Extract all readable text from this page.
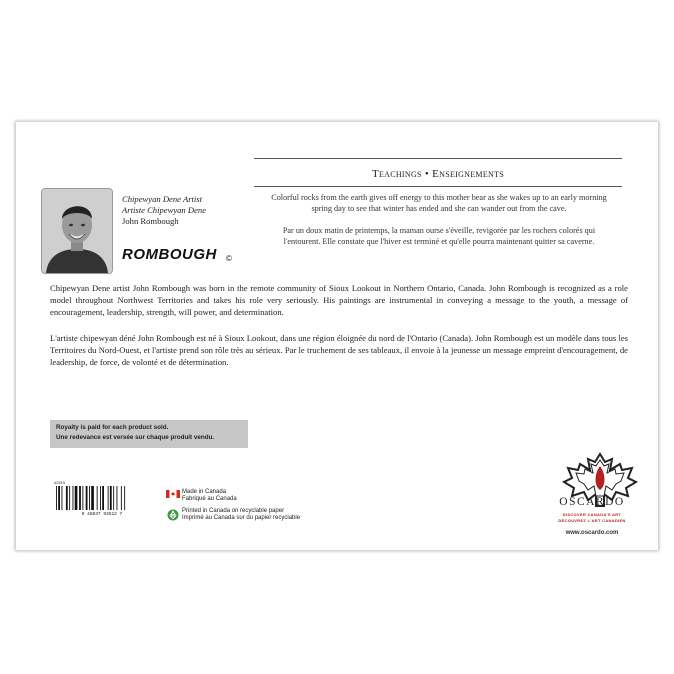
Teachings • Enseignements

Colorful rocks from the earth gives off energy to this mother bear as she wakes up to an early morning spring day to see that winter has ended and she can wander out from the cave.

Par un doux matin de printemps, la maman ourse s'éveille, revigorée par les rochers colorés qui l'entourent. Elle constate que l'hiver est terminé et qu'elle pourra maintenant quitter sa caverne.

Chipewyan Dene Artist
Artiste Chipewyan Dene
John Rombough
ROMBOUGH ©

Chipewyan Dene artist John Rombough was born in the remote community of Sioux Lookout in Northern Ontario, Canada. John Rombough is recognized as a role model throughout Northwest Territories and takes his role very seriously. His paintings are instrumental in conveying a message to the youth, a message of encouragement, leadership, strength, will power, and determination.

L'artiste chipewyan déné John Rombough est né à Sioux Lookout, dans une région éloignée du nord de l'Ontario (Canada). John Rombough est un modèle dans tous les Territoires du Nord-Ouest, et l'artiste prend son rôle très au sérieux. Par le truchement de ses tableaux, il envoie à la jeunesse un message empreint d'encouragement, de leadership, de force, de volonté et de détermination.

Royalty is paid for each product sold.
Une redevance est versée sur chaque produit vendu.
#2515
0 48837 93512 7
Made in Canada
Fabriqué au Canada
Printed in Canada on recyclable paper
Imprimé au Canada sur du papier recyclable
OSCARDO
DISCOVER CANADA'S ART
DÉCOUVREZ L'ART CANADIEN
www.oscardo.com
